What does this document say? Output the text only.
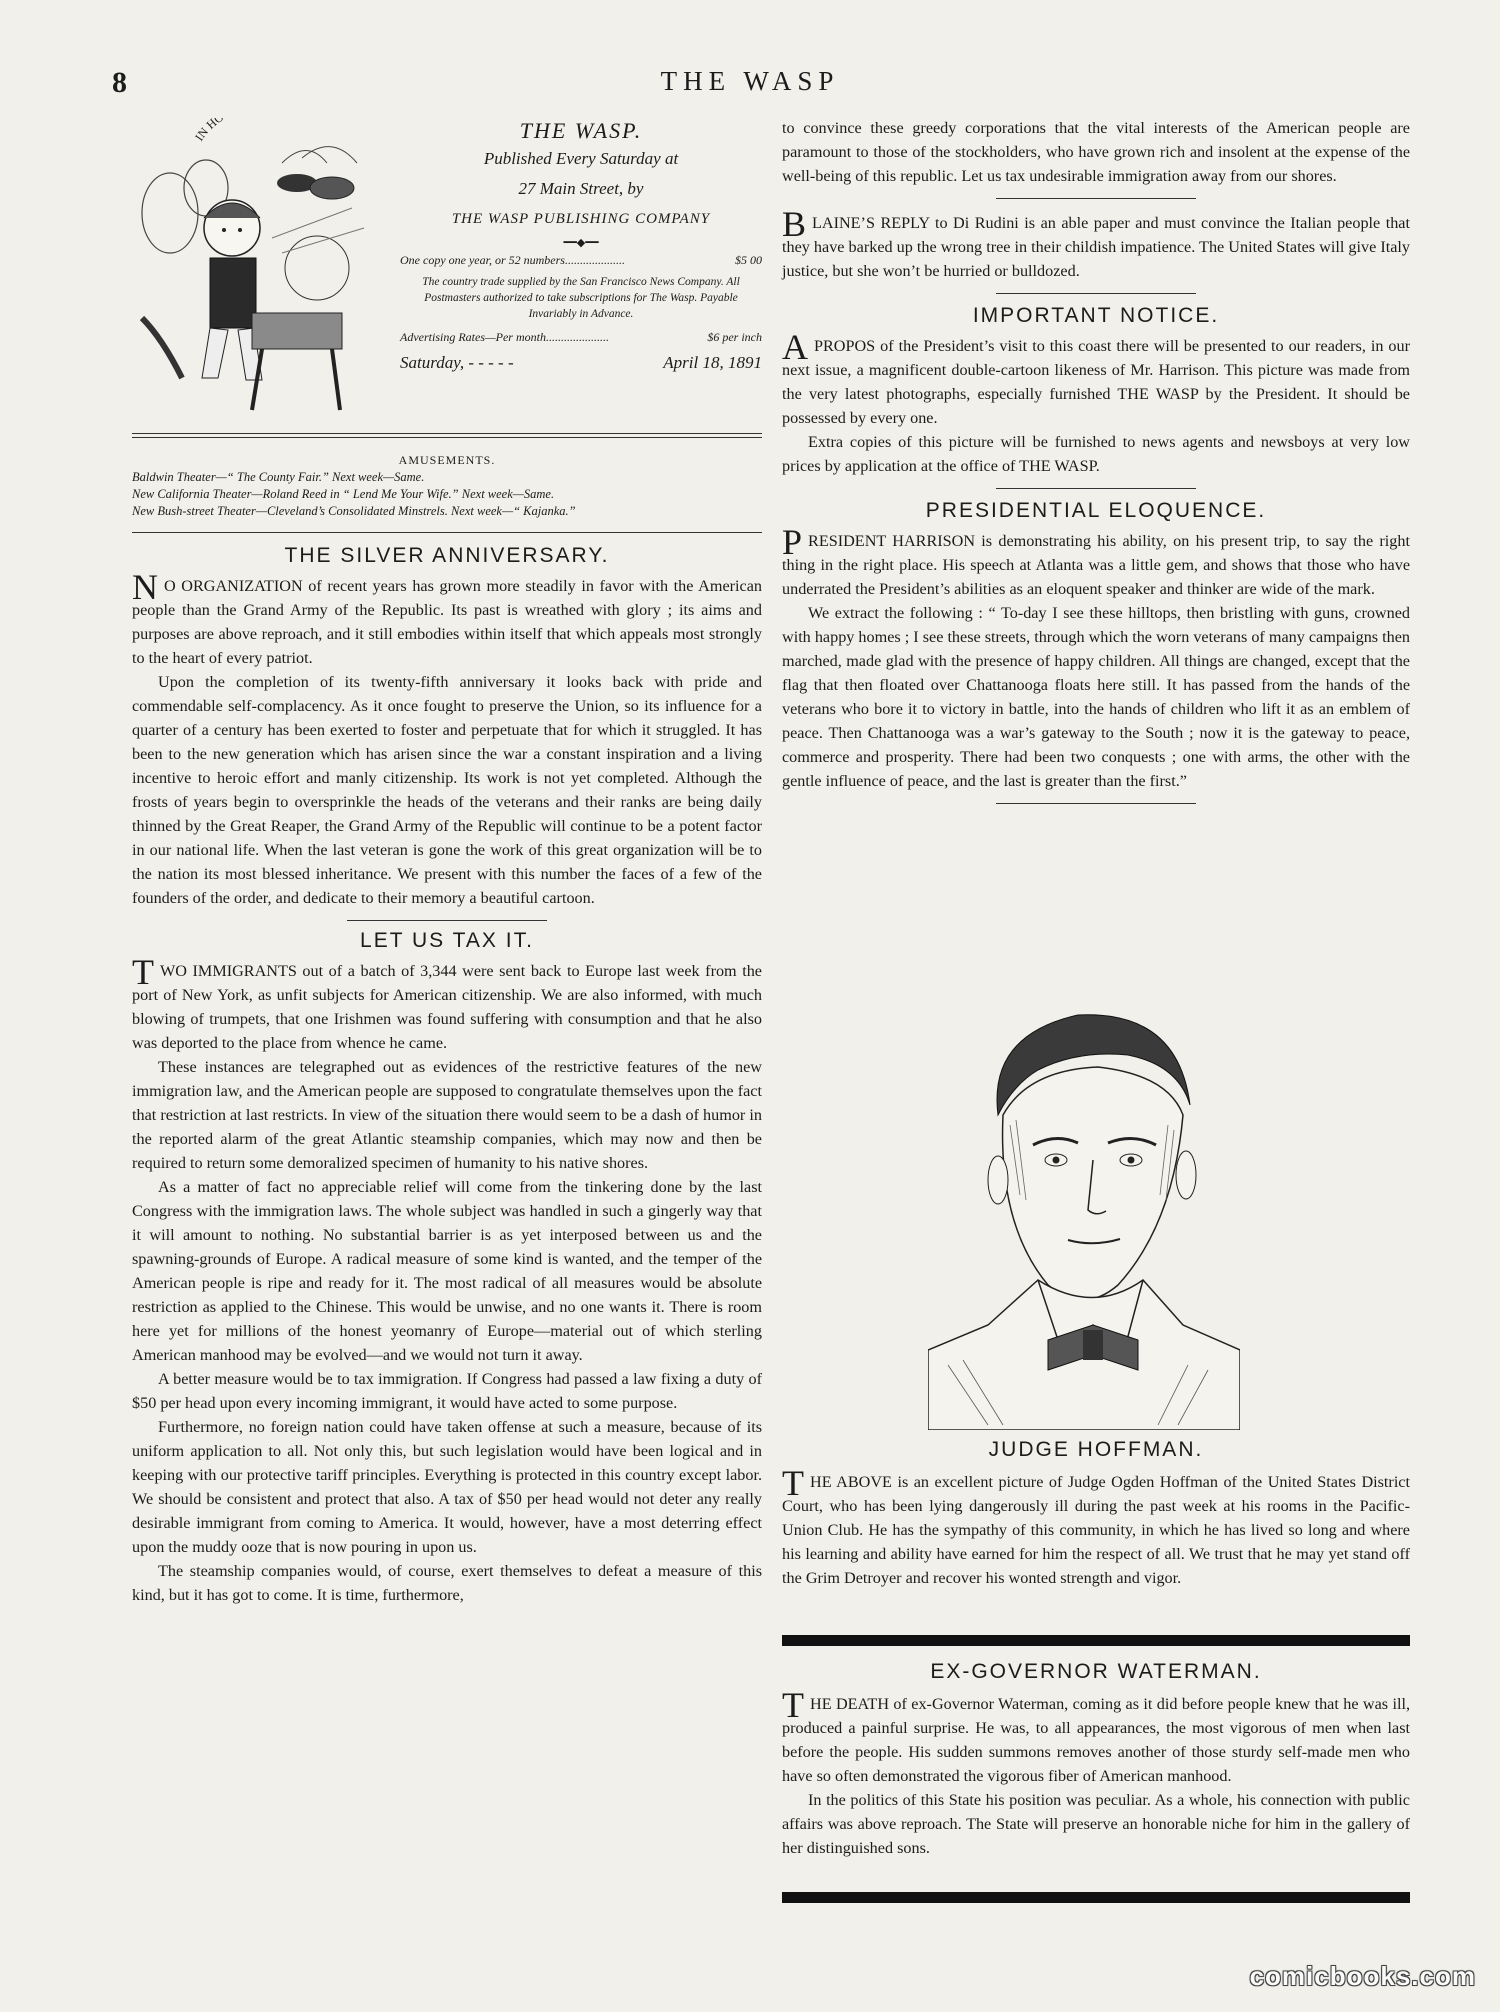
8	THE WASP
IN HO	THE WASP.
Published Every Saturday at
27 Main Street, by
THE WASP PUBLISHING COMPANY
━━◆━━
One copy one year, or 52 numbers....................	$5 00
The country trade supplied by the San Francisco News Company. All Postmasters authorized to take subscriptions for The Wasp. Payable Invariably in Advance.
Advertising Rates—Per month.....................	$6 per inch
Saturday, - - - - -	April 18, 1891
AMUSEMENTS.
Baldwin Theater—“ The County Fair.” Next week—Same.
New California Theater—Roland Reed in “ Lend Me Your Wife.” Next week—Same.
New Bush-street Theater—Cleveland’s Consolidated Minstrels. Next week—“ Kajanka.”
THE SILVER ANNIVERSARY.

N O ORGANIZATION of recent years has grown more steadily in favor with the American people than the Grand Army of the Republic. Its past is wreathed with glory ; its aims and purposes are above reproach, and it still embodies within itself that which appeals most strongly to the heart of every patriot.

Upon the completion of its twenty-fifth anniversary it looks back with pride and commendable self-complacency. As it once fought to preserve the Union, so its influence for a quarter of a century has been exerted to foster and perpetuate that for which it struggled. It has been to the new generation which has arisen since the war a constant inspiration and a living incentive to heroic effort and manly citizenship. Its work is not yet completed. Although the frosts of years begin to oversprinkle the heads of the veterans and their ranks are being daily thinned by the Great Reaper, the Grand Army of the Republic will continue to be a potent factor in our national life. When the last veteran is gone the work of this great organization will be to the nation its most blessed inheritance. We present with this number the faces of a few of the founders of the order, and dedicate to their memory a beautiful cartoon.

LET US TAX IT.

TWO IMMIGRANTS out of a batch of 3,344 were sent back to Europe last week from the port of New York, as unfit subjects for American citizenship. We are also informed, with much blowing of trumpets, that one Irishmen was found suffering with consumption and that he also was deported to the place from whence he came.

These instances are telegraphed out as evidences of the restrictive features of the new immigration law, and the American people are supposed to congratulate themselves upon the fact that restriction at last restricts. In view of the situation there would seem to be a dash of humor in the reported alarm of the great Atlantic steamship companies, which may now and then be required to return some demoralized specimen of humanity to his native shores.

As a matter of fact no appreciable relief will come from the tinkering done by the last Congress with the immigration laws. The whole subject was handled in such a gingerly way that it will amount to nothing. No substantial barrier is as yet interposed between us and the spawning-grounds of Europe. A radical measure of some kind is wanted, and the temper of the American people is ripe and ready for it. The most radical of all measures would be absolute restriction as applied to the Chinese. This would be unwise, and no one wants it. There is room here yet for millions of the honest yeomanry of Europe—material out of which sterling American manhood may be evolved—and we would not turn it away.

A better measure would be to tax immigration. If Congress had passed a law fixing a duty of $50 per head upon every incoming immigrant, it would have acted to some purpose.

Furthermore, no foreign nation could have taken offense at such a measure, because of its uniform application to all. Not only this, but such legislation would have been logical and in keeping with our protective tariff principles. Everything is protected in this country except labor. We should be consistent and protect that also. A tax of $50 per head would not deter any really desirable immigrant from coming to America. It would, however, have a most deterring effect upon the muddy ooze that is now pouring in upon us.

The steamship companies would, of course, exert themselves to defeat a measure of this kind, but it has got to come. It is time, furthermore,

to convince these greedy corporations that the vital interests of the American people are paramount to those of the stockholders, who have grown rich and insolent at the expense of the well-being of this republic. Let us tax undesirable immigration away from our shores.

BLAINE’S REPLY to Di Rudini is an able paper and must convince the Italian people that they have barked up the wrong tree in their childish impatience. The United States will give Italy justice, but she won’t be hurried or bulldozed.

IMPORTANT NOTICE.

APROPOS of the President’s visit to this coast there will be presented to our readers, in our next issue, a magnificent double-cartoon likeness of Mr. Harrison. This picture was made from the very latest photographs, especially furnished THE WASP by the President. It should be possessed by every one.

Extra copies of this picture will be furnished to news agents and newsboys at very low prices by application at the office of THE WASP.

PRESIDENTIAL ELOQUENCE.

PRESIDENT HARRISON is demonstrating his ability, on his present trip, to say the right thing in the right place. His speech at Atlanta was a little gem, and shows that those who have underrated the President’s abilities as an eloquent speaker and thinker are wide of the mark.

We extract the following : “ To-day I see these hilltops, then bristling with guns, crowned with happy homes ; I see these streets, through which the worn veterans of many campaigns then marched, made glad with the presence of happy children. All things are changed, except that the flag that then floated over Chattanooga floats here still. It has passed from the hands of the veterans who bore it to victory in battle, into the hands of children who lift it as an emblem of peace. Then Chattanooga was a war’s gateway to the South ; now it is the gateway to peace, commerce and prosperity. There had been two conquests ; one with arms, the other with the gentle influence of peace, and the last is greater than the first.”

JUDGE HOFFMAN.

THE ABOVE is an excellent picture of Judge Ogden Hoffman of the United States District Court, who has been lying dangerously ill during the past week at his rooms in the Pacific-Union Club. He has the sympathy of this community, in which he has lived so long and where his learning and ability have earned for him the respect of all. We trust that he may yet stand off the Grim Detroyer and recover his wonted strength and vigor.

EX-GOVERNOR WATERMAN.

THE DEATH of ex-Governor Waterman, coming as it did before people knew that he was ill, produced a painful surprise. He was, to all appearances, the most vigorous of men when last before the people. His sudden summons removes another of those sturdy self-made men who have so often demonstrated the vigorous fiber of American manhood.

In the politics of this State his position was peculiar. As a whole, his connection with public affairs was above reproach. The State will preserve an honorable niche for him in the gallery of her distinguished sons.

comicbooks.com
